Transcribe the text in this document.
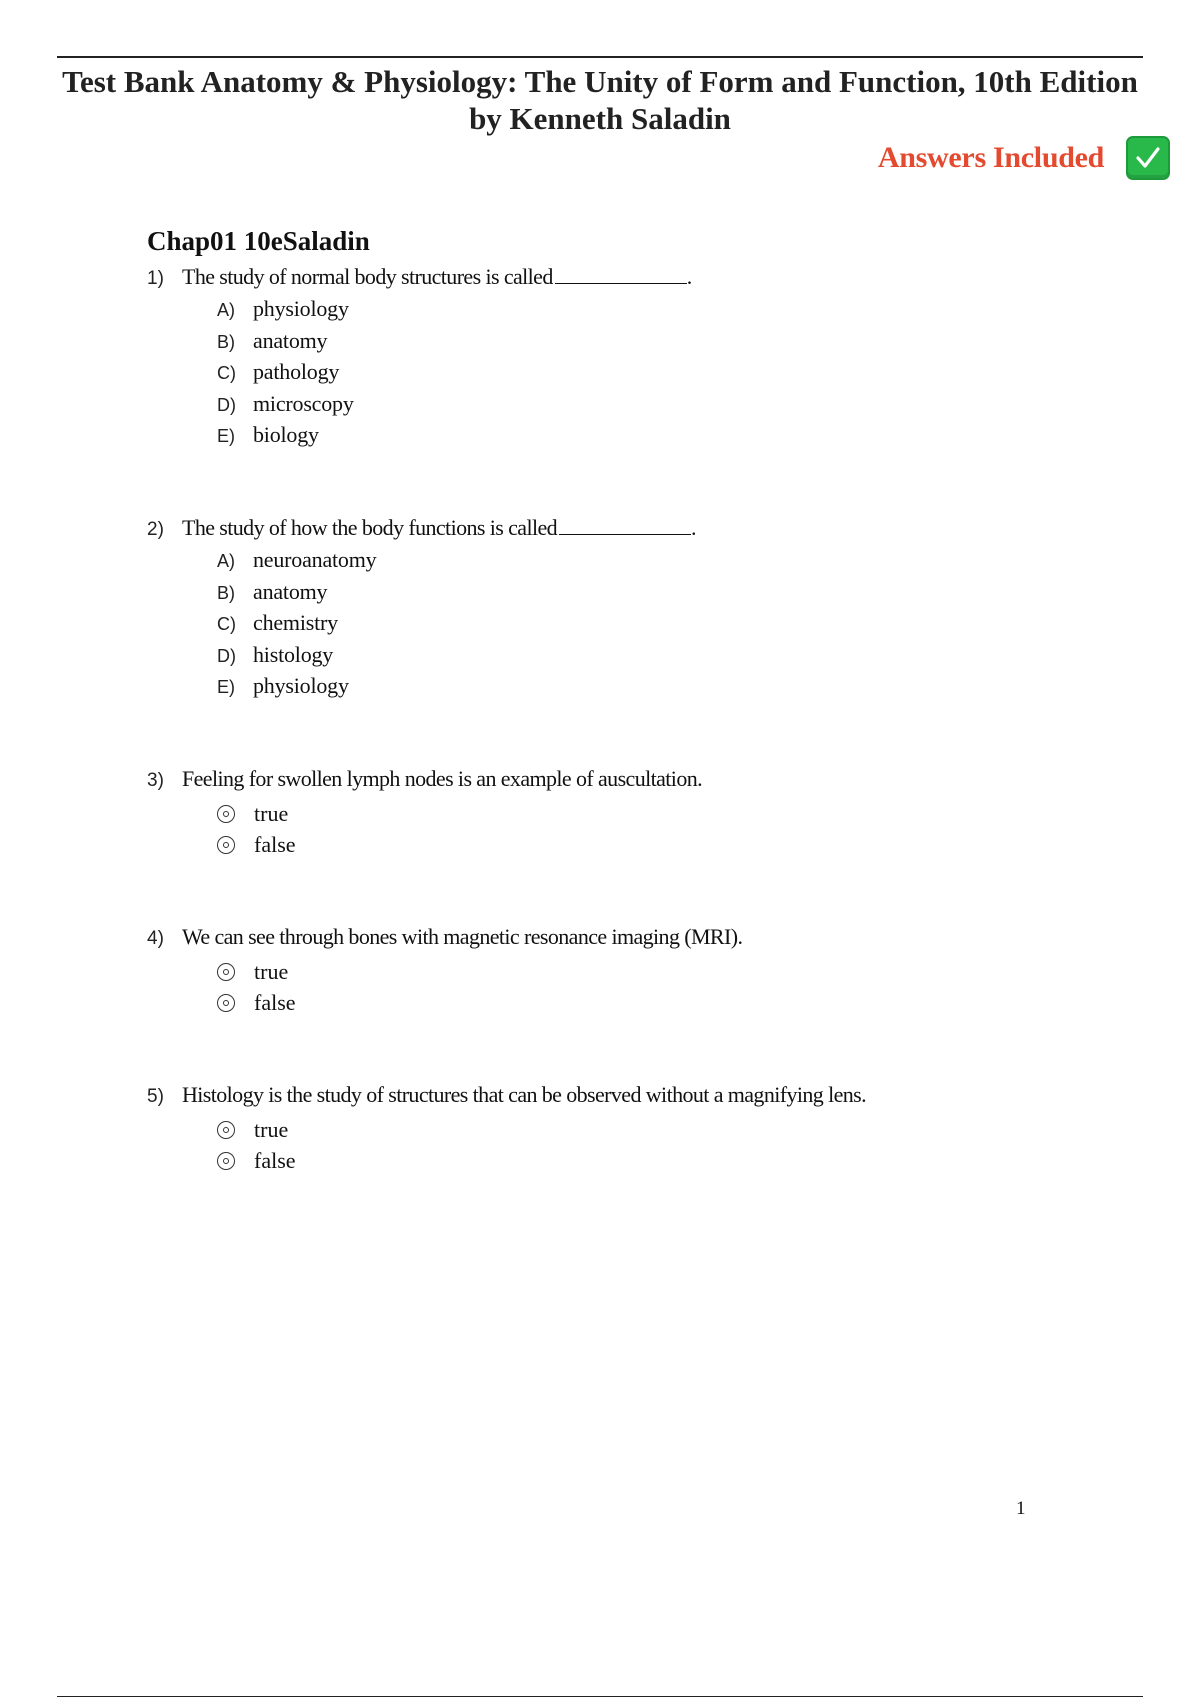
Test Bank Anatomy & Physiology: The Unity of Form and Function, 10th Edition
by Kenneth Saladin
Answers Included
Chap01 10eSaladin
1) The study of normal body structures is called	.
A) physiology
B) anatomy
C) pathology
D) microscopy
E) biology
2) The study of how the body functions is called	.
A) neuroanatomy
B) anatomy
C) chemistry
D) histology
E) physiology
3) Feeling for swollen lymph nodes is an example of auscultation.
true
false
4) We can see through bones with magnetic resonance imaging (MRI).
true
false
5) Histology is the study of structures that can be observed without a magnifying lens.
true
false
1
